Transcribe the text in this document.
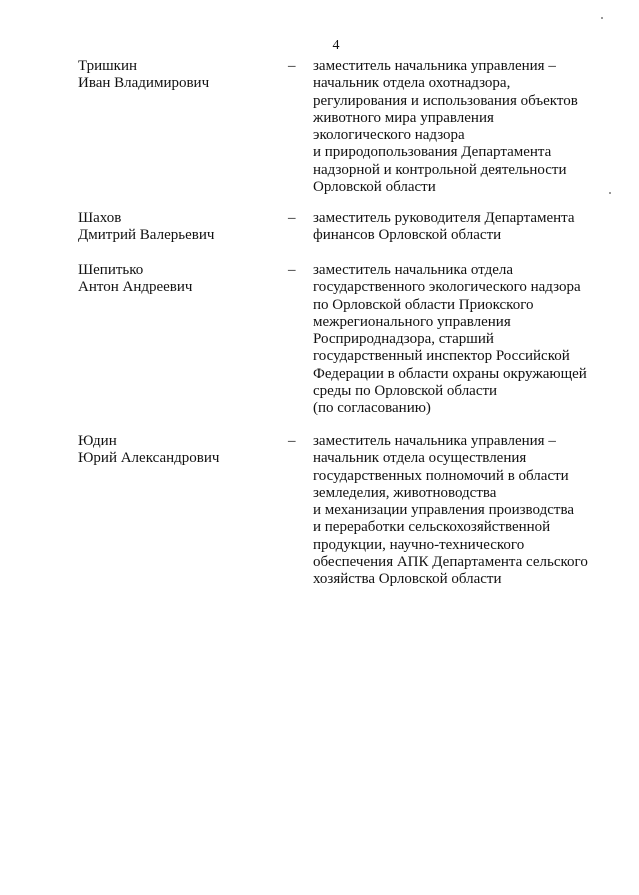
4
Тришкин
Иван Владимирович
– заместитель начальника управления –
начальник отдела охотнадзора,
регулирования и использования объектов
животного мира управления
экологического надзора
и природопользования Департамента
надзорной и контрольной деятельности
Орловской области
Шахов
Дмитрий Валерьевич
– заместитель руководителя Департамента
финансов Орловской области
Шепитько
Антон Андреевич
– заместитель начальника отдела
государственного экологического надзора
по Орловской области Приокского
межрегионального управления
Росприроднадзора, старший
государственный инспектор Российской
Федерации в области охраны окружающей
среды по Орловской области
(по согласованию)
Юдин
Юрий Александрович
– заместитель начальника управления –
начальник отдела осуществления
государственных полномочий в области
земледелия, животноводства
и механизации управления производства
и переработки сельскохозяйственной
продукции, научно-технического
обеспечения АПК Департамента сельского
хозяйства Орловской области
